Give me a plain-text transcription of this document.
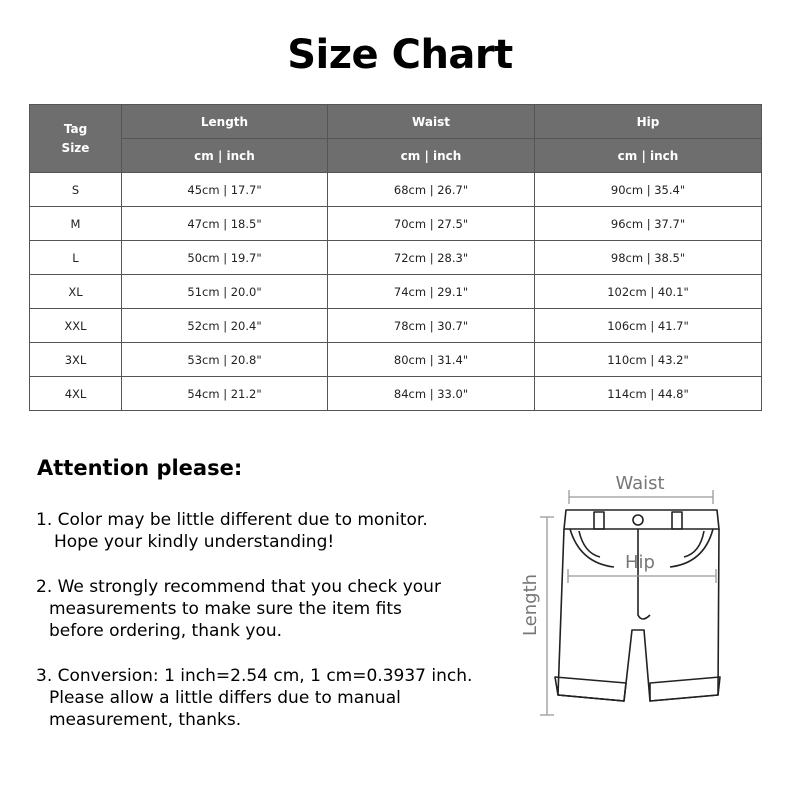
Size Chart
Tag
Size	Length	Waist	Hip
	cm | inch	cm | inch	cm | inch
S	45cm | 17.7"	68cm | 26.7"	90cm | 35.4"
M	47cm | 18.5"	70cm | 27.5"	96cm | 37.7"
L	50cm | 19.7"	72cm | 28.3"	98cm | 38.5"
XL	51cm | 20.0"	74cm | 29.1"	102cm | 40.1"
XXL	52cm | 20.4"	78cm | 30.7"	106cm | 41.7"
3XL	53cm | 20.8"	80cm | 31.4"	110cm | 43.2"
4XL	54cm | 21.2"	84cm | 33.0"	114cm | 44.8"
Attention please:
1. Color may be little different due to monitor.
Hope your kindly understanding!
2. We strongly recommend that you check your
measurements to make sure the item fits
before ordering, thank you.
3. Conversion: 1 inch=2.54 cm, 1 cm=0.3937 inch.
Please allow a little differs due to manual
measurement, thanks.
Waist
Length
Hip
